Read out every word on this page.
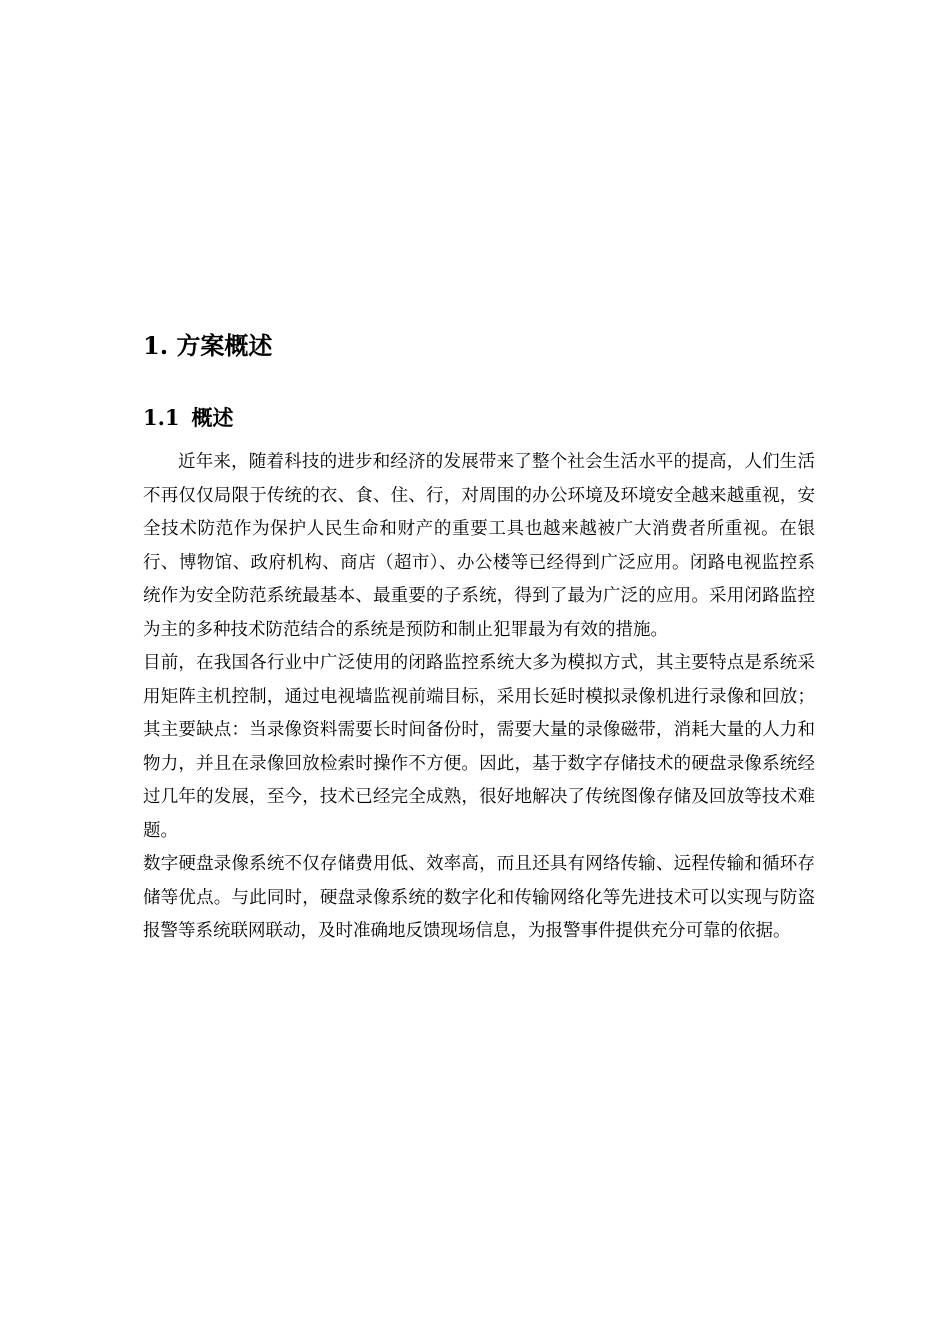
1. 方案概述
1.1 概述

近年来，随着科技的进步和经济的发展带来了整个社会生活水平的提高，人们生活不再仅仅局限于传统的衣、食、住、行，对周围的办公环境及环境安全越来越重视，安全技术防范作为保护人民生命和财产的重要工具也越来越被广大消费者所重视。在银行、博物馆、政府机构、商店（超市）、办公楼等已经得到广泛应用。闭路电视监控系统作为安全防范系统最基本、最重要的子系统，得到了最为广泛的应用。采用闭路监控为主的多种技术防范结合的系统是预防和制止犯罪最为有效的措施。

目前，在我国各行业中广泛使用的闭路监控系统大多为模拟方式，其主要特点是系统采用矩阵主机控制，通过电视墙监视前端目标，采用长延时模拟录像机进行录像和回放；其主要缺点：当录像资料需要长时间备份时，需要大量的录像磁带，消耗大量的人力和物力，并且在录像回放检索时操作不方便。因此，基于数字存储技术的硬盘录像系统经过几年的发展，至今，技术已经完全成熟，很好地解决了传统图像存储及回放等技术难题。

数字硬盘录像系统不仅存储费用低、效率高，而且还具有网络传输、远程传输和循环存储等优点。与此同时，硬盘录像系统的数字化和传输网络化等先进技术可以实现与防盗报警等系统联网联动，及时准确地反馈现场信息，为报警事件提供充分可靠的依据。
